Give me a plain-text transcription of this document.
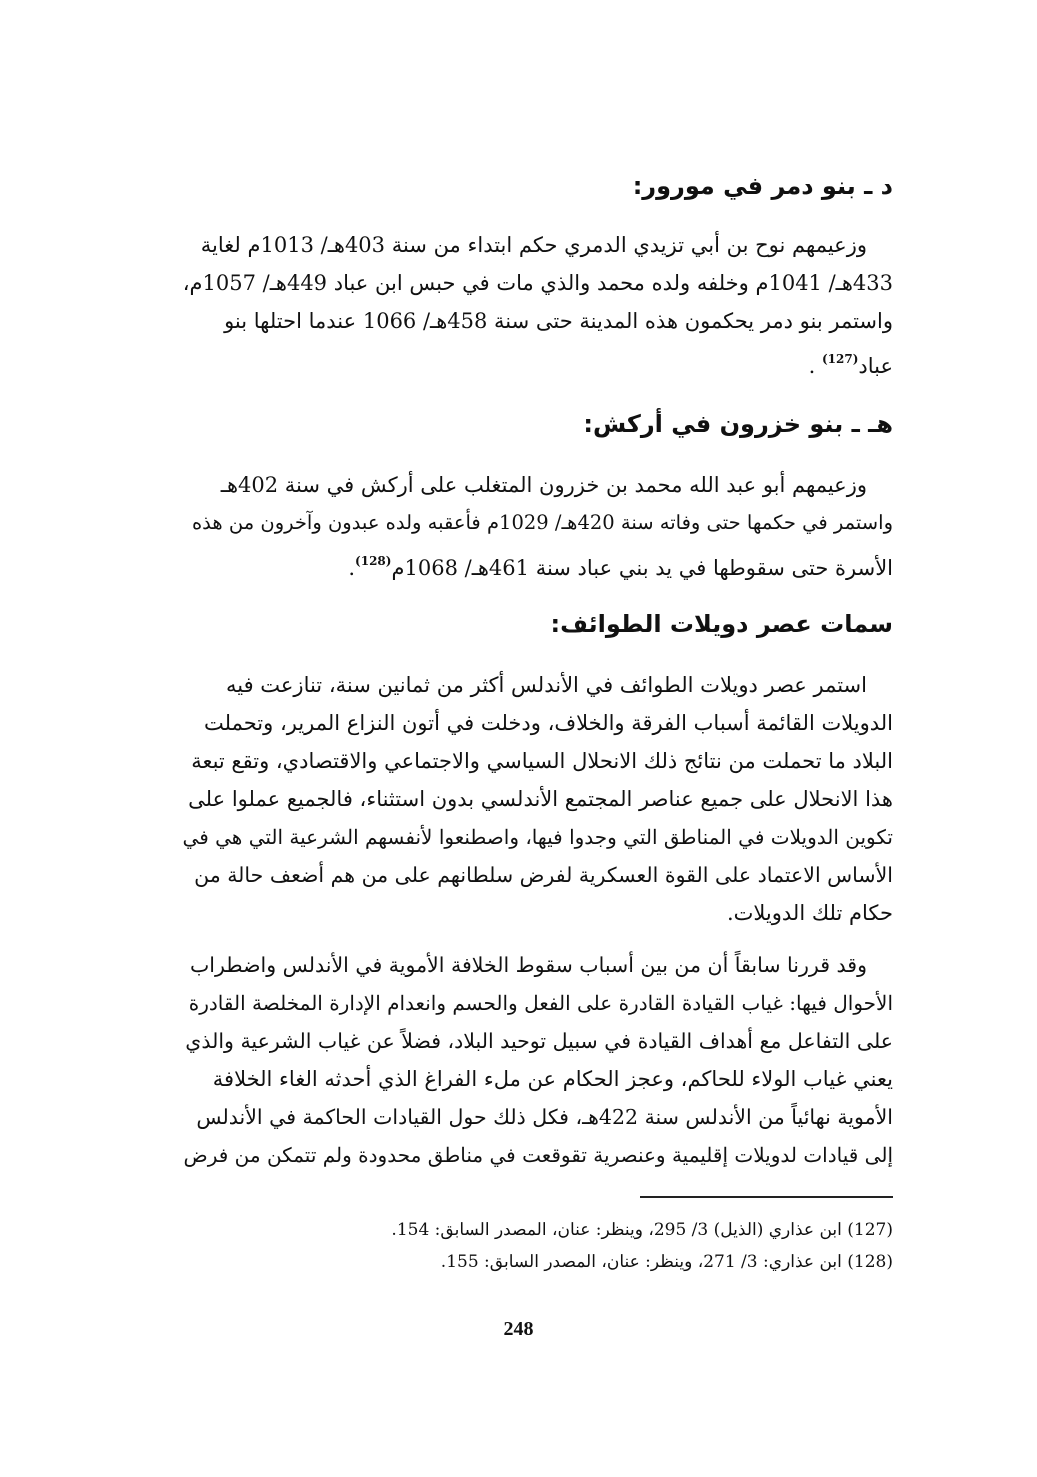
د ـ بنو دمر في مورور:
وزعيمهم نوح بن أبي تزيدي الدمري حكم ابتداء من سنة 403هـ/ 1013م لغاية
433هـ/ 1041م وخلفه ولده محمد والذي مات في حبس ابن عباد 449هـ/ 1057م،
واستمر بنو دمر يحكمون هذه المدينة حتى سنة 458هـ/ 1066 عندما احتلها بنو
عباد$^{(127)}$ .
هـ ـ بنو خزرون في أركش:
وزعيمهم أبو عبد الله محمد بن خزرون المتغلب على أركش في سنة 402هـ
واستمر في حكمها حتى وفاته سنة 420هـ/ 1029م فأعقبه ولده عبدون وآخرون من هذه
الأسرة حتى سقوطها في يد بني عباد سنة 461هـ/ 1068م$^{(128)}$.
سمات عصر دويلات الطوائف:
استمر عصر دويلات الطوائف في الأندلس أكثر من ثمانين سنة، تنازعت فيه
الدويلات القائمة أسباب الفرقة والخلاف، ودخلت في أتون النزاع المرير، وتحملت
البلاد ما تحملت من نتائج ذلك الانحلال السياسي والاجتماعي والاقتصادي، وتقع تبعة
هذا الانحلال على جميع عناصر المجتمع الأندلسي بدون استثناء، فالجميع عملوا على
تكوين الدويلات في المناطق التي وجدوا فيها، واصطنعوا لأنفسهم الشرعية التي هي في
الأساس الاعتماد على القوة العسكرية لفرض سلطانهم على من هم أضعف حالة من
حكام تلك الدويلات.
وقد قررنا سابقاً أن من بين أسباب سقوط الخلافة الأموية في الأندلس واضطراب
الأحوال فيها: غياب القيادة القادرة على الفعل والحسم وانعدام الإدارة المخلصة القادرة
على التفاعل مع أهداف القيادة في سبيل توحيد البلاد، فضلاً عن غياب الشرعية والذي
يعني غياب الولاء للحاكم، وعجز الحكام عن ملء الفراغ الذي أحدثه الغاء الخلافة
الأموية نهائياً من الأندلس سنة 422هـ، فكل ذلك حول القيادات الحاكمة في الأندلس
إلى قيادات لدويلات إقليمية وعنصرية تقوقعت في مناطق محدودة ولم تتمكن من فرض
(127) ابن عذاري (الذيل) 3/ 295، وينظر: عنان، المصدر السابق: 154.
(128) ابن عذاري: 3/ 271، وينظر: عنان، المصدر السابق: 155.
248
